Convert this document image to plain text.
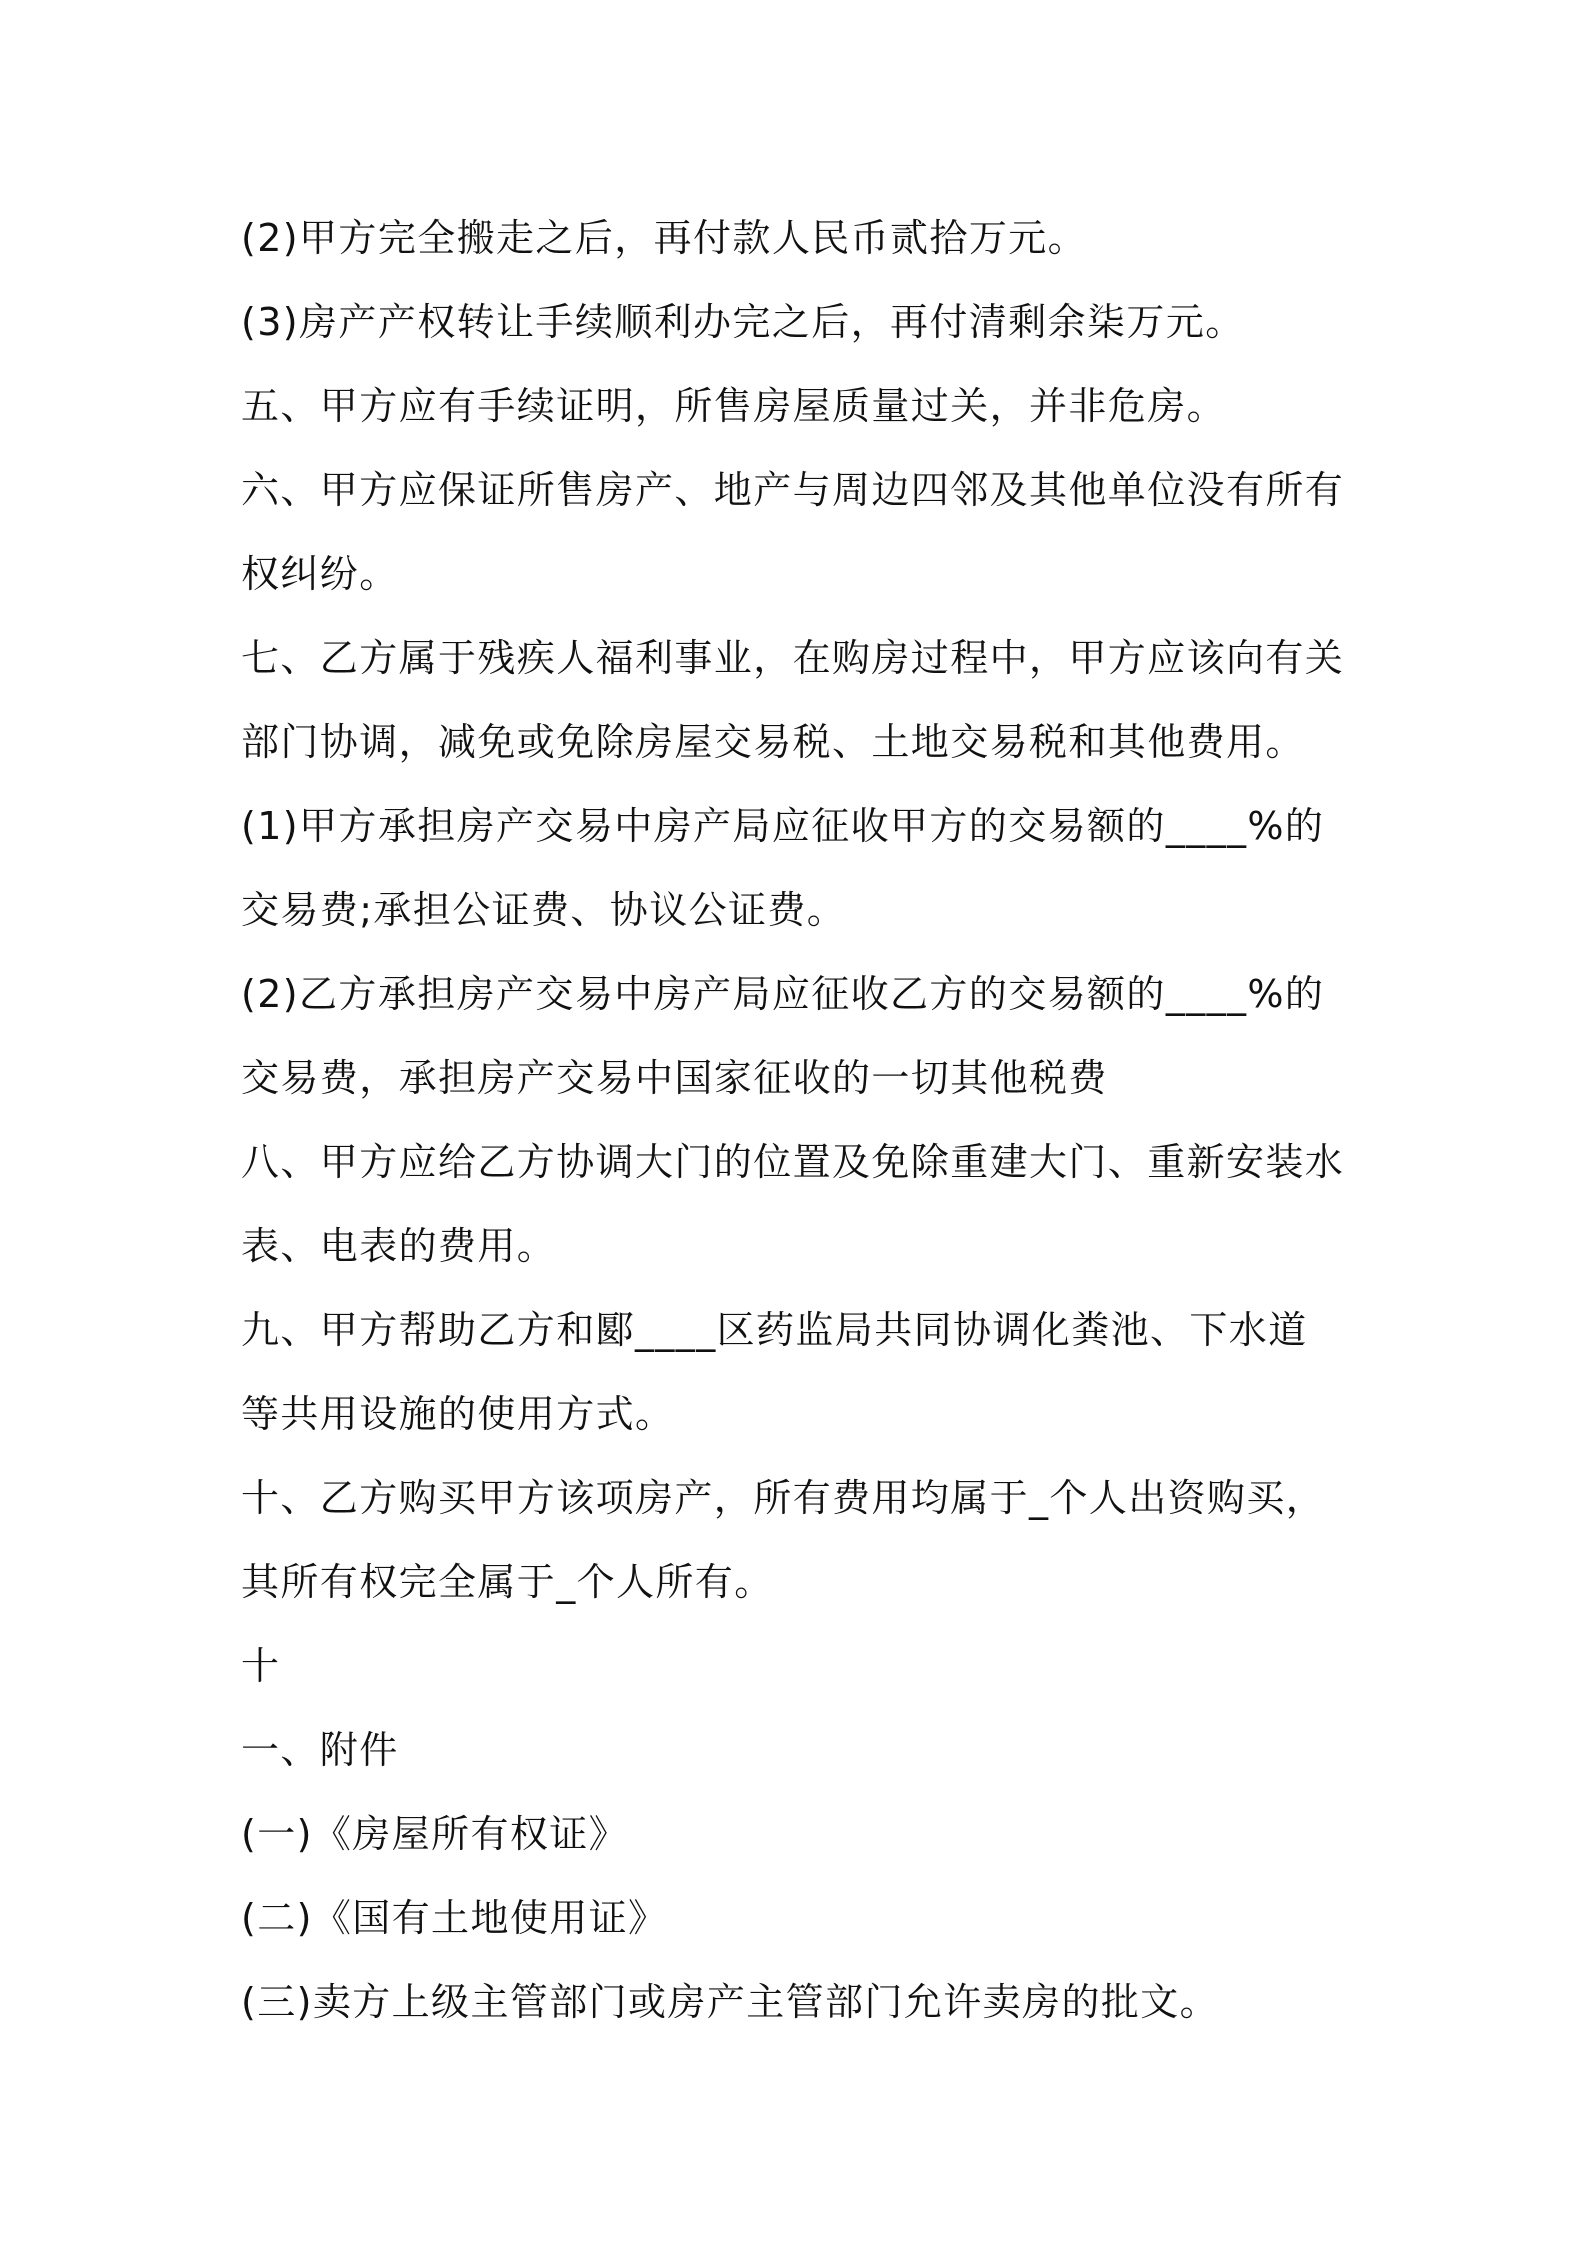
(2)甲方完全搬走之后，再付款人民币贰拾万元。
(3)房产产权转让手续顺利办完之后，再付清剩余柒万元。
五、甲方应有手续证明，所售房屋质量过关，并非危房。
六、甲方应保证所售房产、地产与周边四邻及其他单位没有所有
权纠纷。
七、乙方属于残疾人福利事业，在购房过程中，甲方应该向有关
部门协调，减免或免除房屋交易税、土地交易税和其他费用。
(1)甲方承担房产交易中房产局应征收甲方的交易额的____%的
交易费;承担公证费、协议公证费。
(2)乙方承担房产交易中房产局应征收乙方的交易额的____%的
交易费，承担房产交易中国家征收的一切其他税费
八、甲方应给乙方协调大门的位置及免除重建大门、重新安装水
表、电表的费用。
九、甲方帮助乙方和郾____区药监局共同协调化粪池、下水道
等共用设施的使用方式。
十、乙方购买甲方该项房产，所有费用均属于_个人出资购买，
其所有权完全属于_个人所有。
十
一、附件
(一)《房屋所有权证》
(二)《国有土地使用证》
(三)卖方上级主管部门或房产主管部门允许卖房的批文。
